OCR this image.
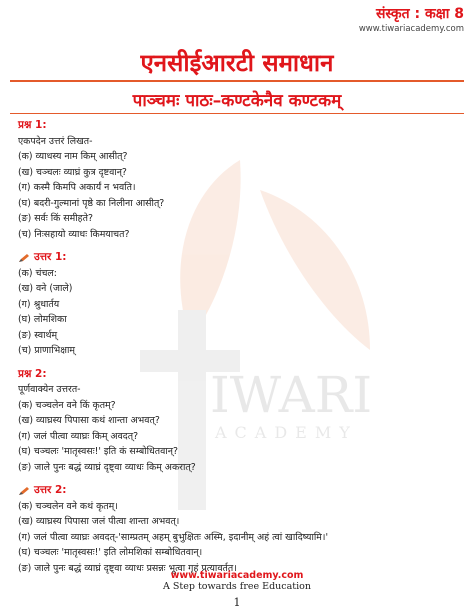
IWARI
ACADEMY
संस्कृत : कक्षा 8
www.tiwariacademy.com
एनसीईआरटी समाधान
पाञ्चमः पाठः–कण्टकेनैव कण्टकम्
प्रश्न 1:
एकपदेन उत्तरं लिखत-
(क) व्याधस्य नाम किम् आसीत्?
(ख) चञ्चलः व्याघ्रं कुत्र दृष्टवान्?
(ग) कस्मै किमपि अकार्यं न भवति।
(घ) बदरी-गुल्मानां पृष्ठे का निलीना आसीत्?
(ङ) सर्वः किं समीहते?
(च) निःसहायो व्याधः किमयाचत?
उत्तर 1:
(क) चंचल:
(ख) वने (जाले)
(ग) श्रुधार्तय
(घ) लोमशिका
(ङ) स्वार्थम्
(च) प्राणाभिक्षाम्
प्रश्न 2:
पूर्णवाक्येन उत्तरत-
(क) चञ्चलेन वने किं कृतम्?
(ख) व्याघ्रस्य पिपासा कथं शान्ता अभवत्?
(ग) जलं पीत्वा व्याघ्रः किम् अवदत्?
(घ) चञ्चलः 'मातृस्वसः!' इति कं सम्बोधितवान्?
(ङ) जाले पुनः बद्धं व्याघ्रं दृष्ट्वा व्याधः किम् अकरात्?
उत्तर 2:
(क) चञ्चलेन वने कथं कृतम्।
(ख) व्याघ्रस्य पिपासा जलं पीत्वा शान्ता अभवत्।
(ग) जलं पीत्वा व्याघ्रः अवदत्-'साम्प्रतम् अहम् बुभुक्षितः अस्मि, इदानीम् अहं त्वां खादिष्यामि।'
(घ) चञ्चलः 'मातृस्वसः!' इति लोमशिकां सम्बोधितवान्।
(ङ) जाले पुनः बद्धं व्याघ्रं दृष्ट्वा व्याधः प्रसन्नः भूत्वा गृहं प्रत्यावर्तत।
www.tiwariacademy.com
A Step towards free Education
1
